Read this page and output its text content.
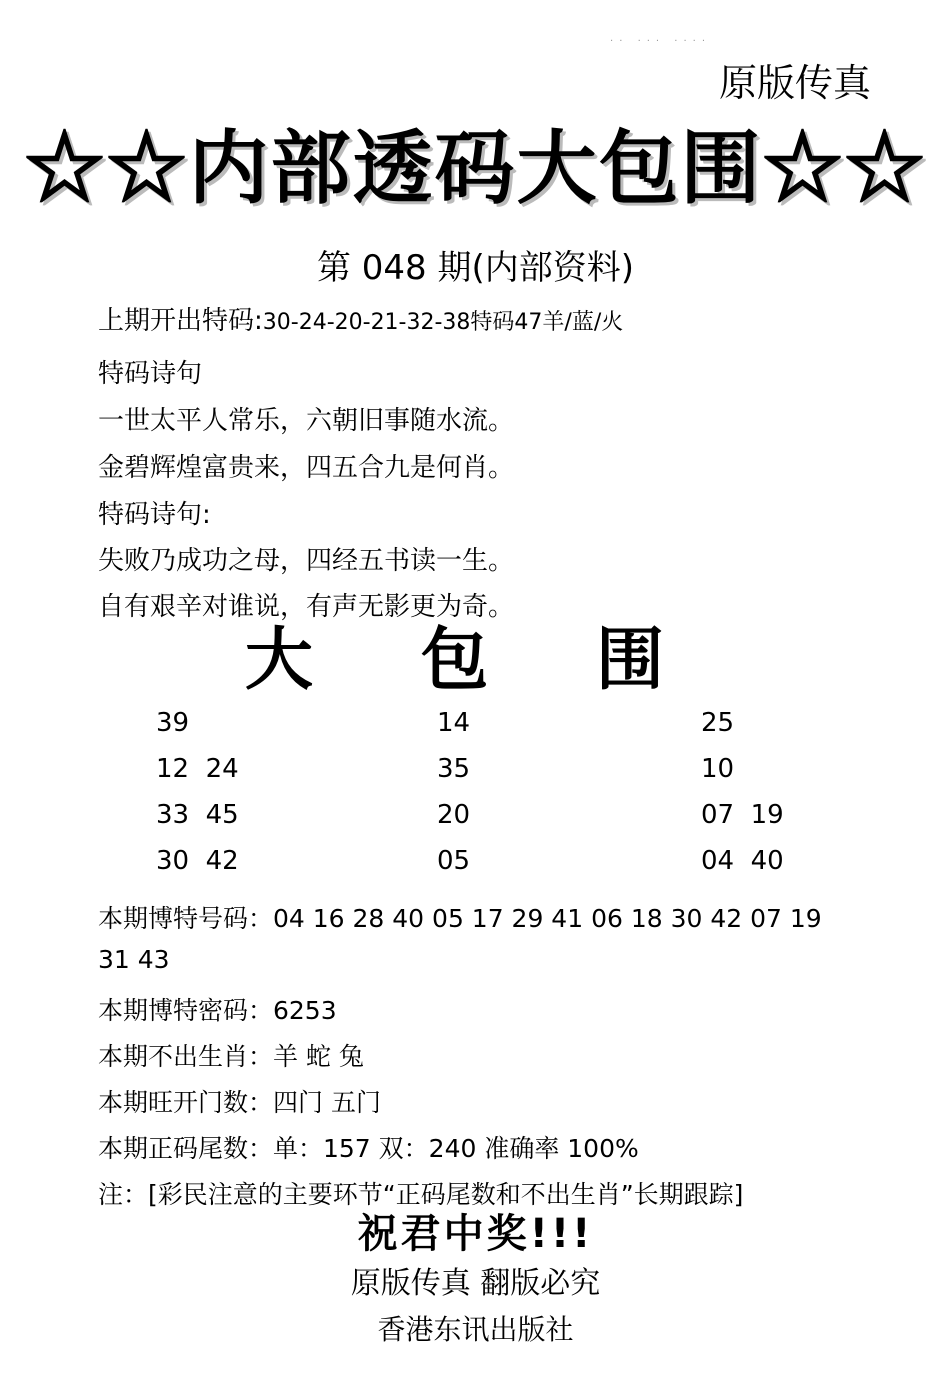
·· ··· ····
原版传真
☆☆内部透码大包围☆☆
第 048 期(内部资料)
上期开出特码:30-24-20-21-32-38特码47羊/蓝/火
特码诗句
一世太平人常乐，六朝旧事随水流。
金碧辉煌富贵来，四五合九是何肖。
特码诗句:
失败乃成功之母，四经五书读一生。
自有艰辛对谁说，有声无影更为奇。
大 包 围
39	14	25
12  24	35	10
33  45	20	07  19
30  42	05	04  40
本期博特号码：04 16 28 40 05 17 29 41 06 18 30 42 07 19
31 43
本期博特密码：6253
本期不出生肖：羊 蛇 兔
本期旺开门数：四门 五门
本期正码尾数：单：157 双：240 准确率 100%
注：[彩民注意的主要环节“正码尾数和不出生肖”长期跟踪]
祝君中奖!!!
原版传真 翻版必究
香港东讯出版社
